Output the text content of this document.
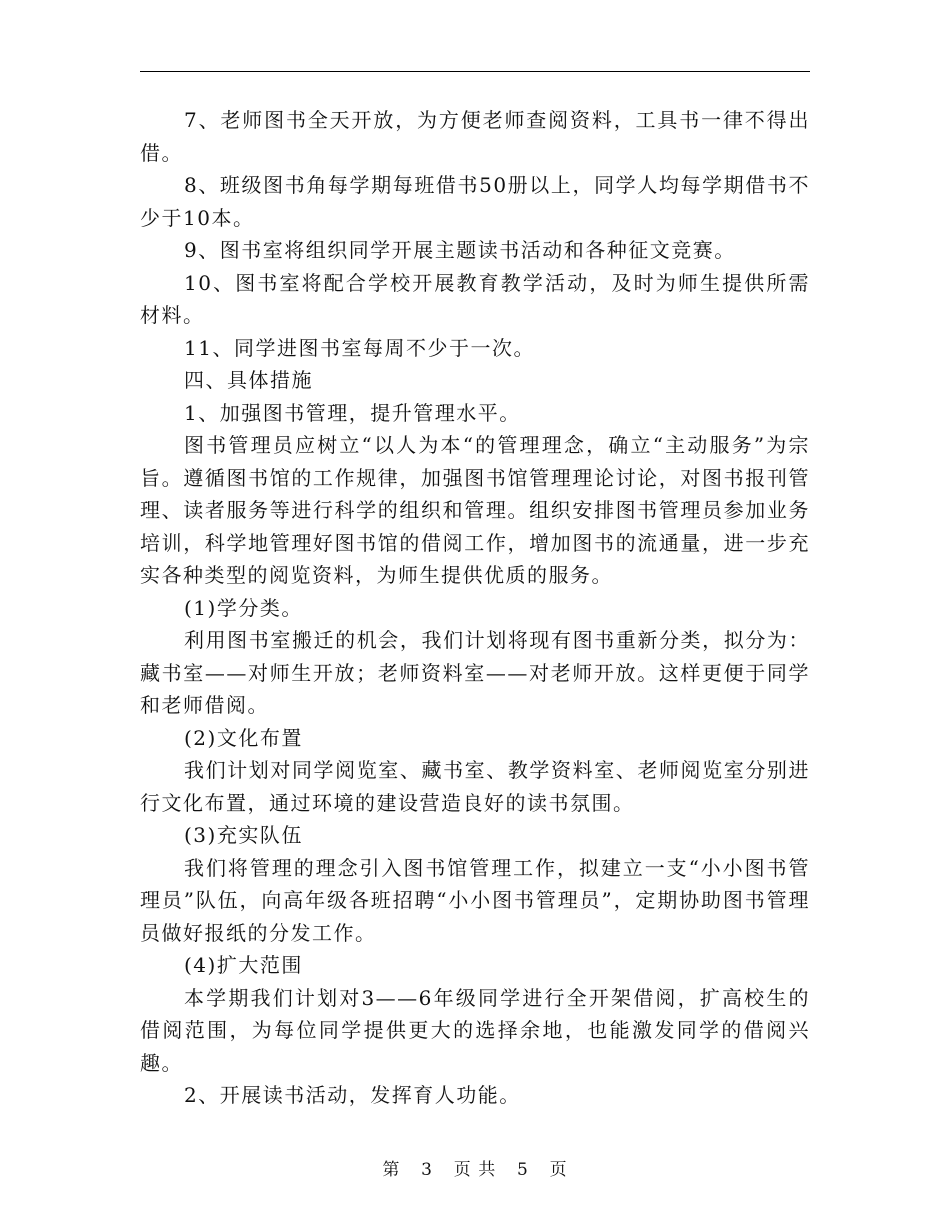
7、老师图书全天开放，为方便老师查阅资料，工具书一律不得出借。

8、班级图书角每学期每班借书50册以上，同学人均每学期借书不少于10本。

9、图书室将组织同学开展主题读书活动和各种征文竞赛。

10、图书室将配合学校开展教育教学活动，及时为师生提供所需材料。

11、同学进图书室每周不少于一次。

四、具体措施

1、加强图书管理，提升管理水平。

图书管理员应树立“以人为本“的管理理念，确立“主动服务”为宗旨。遵循图书馆的工作规律，加强图书馆管理理论讨论，对图书报刊管理、读者服务等进行科学的组织和管理。组织安排图书管理员参加业务培训，科学地管理好图书馆的借阅工作，增加图书的流通量，进一步充实各种类型的阅览资料，为师生提供优质的服务。

(1)学分类。

利用图书室搬迁的机会，我们计划将现有图书重新分类，拟分为：藏书室——对师生开放；老师资料室——对老师开放。这样更便于同学和老师借阅。

(2)文化布置

我们计划对同学阅览室、藏书室、教学资料室、老师阅览室分别进行文化布置，通过环境的建设营造良好的读书氛围。

(3)充实队伍

我们将管理的理念引入图书馆管理工作，拟建立一支“小小图书管理员”队伍，向高年级各班招聘“小小图书管理员”，定期协助图书管理员做好报纸的分发工作。

(4)扩大范围

本学期我们计划对3——6年级同学进行全开架借阅，扩高校生的借阅范围，为每位同学提供更大的选择余地，也能激发同学的借阅兴趣。

2、开展读书活动，发挥育人功能。

第 3 页 共 5 页
